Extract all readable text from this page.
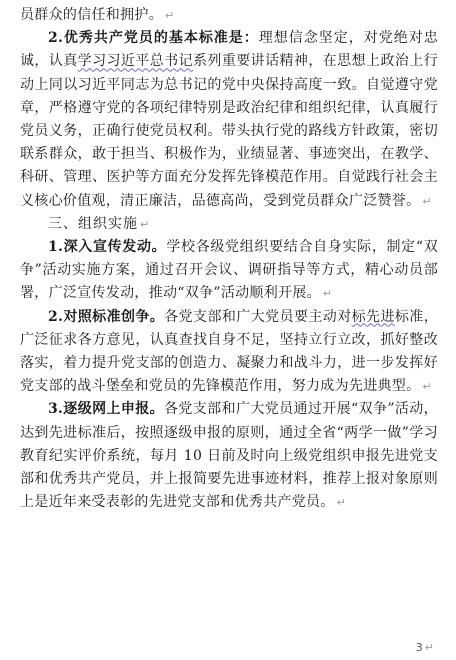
员群众的信任和拥护。 ↵

2.优秀共产党员的基本标准是：理想信念坚定，对党绝对忠诚，认真学习习近平总书记系列重要讲话精神，在思想上政治上行动上同以习近平同志为总书记的党中央保持高度一致。自觉遵守党章，严格遵守党的各项纪律特别是政治纪律和组织纪律，认真履行党员义务，正确行使党员权利。带头执行党的路线方针政策，密切联系群众，敢于担当、积极作为，业绩显著、事迹突出，在教学、科研、管理、医护等方面充分发挥先锋模范作用。自觉践行社会主义核心价值观，清正廉洁，品德高尚，受到党员群众广泛赞誉。 ↵

三、组织实施 ↵

1.深入宣传发动。学校各级党组织要结合自身实际，制定“双争”活动实施方案，通过召开会议、调研指导等方式，精心动员部署，广泛宣传发动，推动“双争”活动顺利开展。 ↵

2.对照标准创争。各党支部和广大党员要主动对标先进标准，广泛征求各方意见，认真查找自身不足，坚持立行立改，抓好整改落实，着力提升党支部的创造力、凝聚力和战斗力，进一步发挥好党支部的战斗堡垒和党员的先锋模范作用，努力成为先进典型。 ↵

3.逐级网上申报。各党支部和广大党员通过开展“双争”活动，达到先进标准后，按照逐级申报的原则，通过全省“两学一做”学习教育纪实评价系统，每月 10 日前及时向上级党组织申报先进党支部和优秀共产党员，并上报简要先进事迹材料，推荐上报对象原则上是近年来受表彰的先进党支部和优秀共产党员。 ↵

3 ↵
